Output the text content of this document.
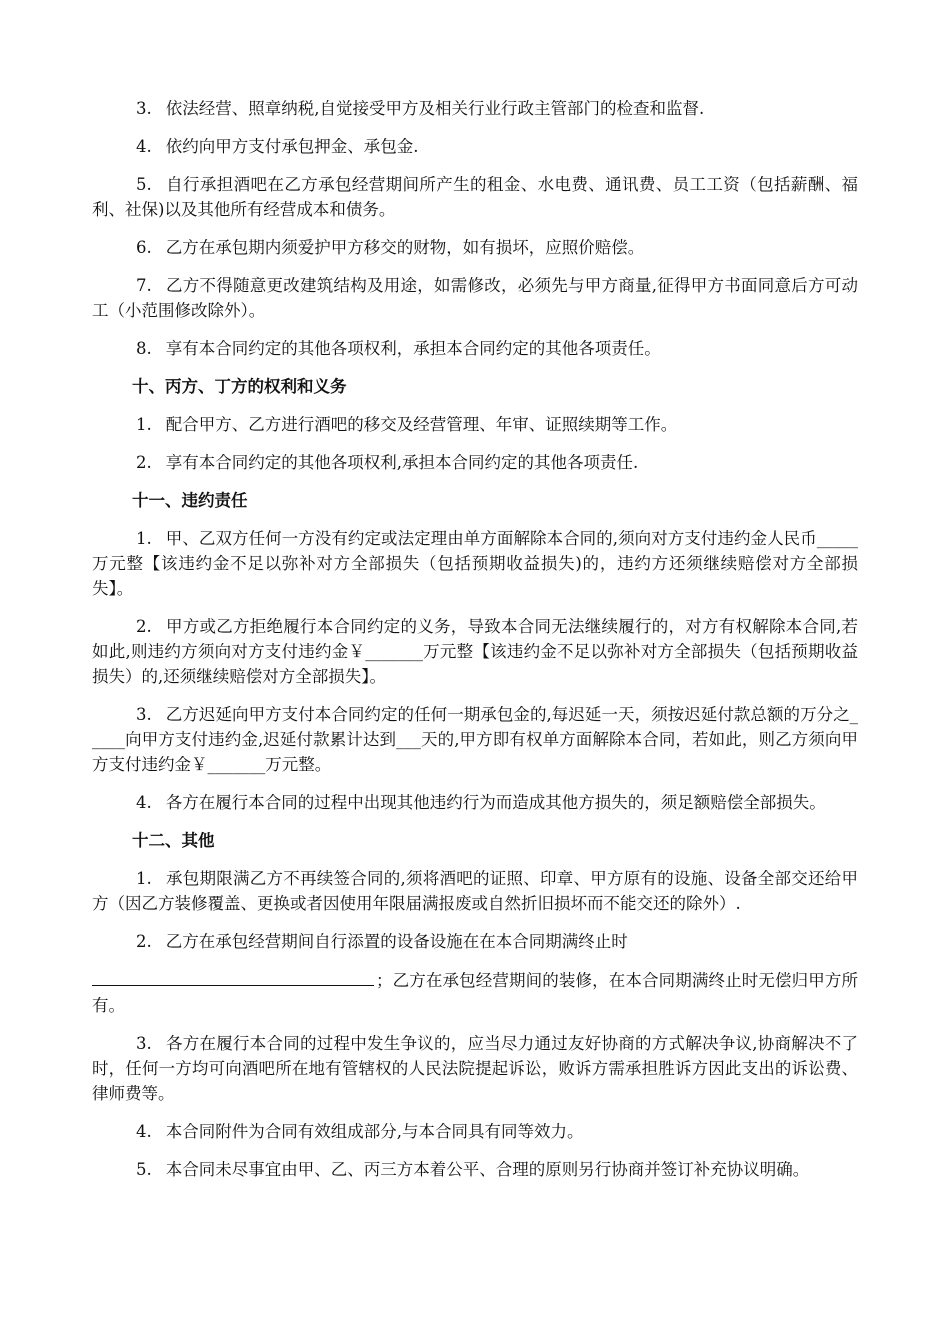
3. 依法经营、照章纳税,自觉接受甲方及相关行业行政主管部门的检查和监督.

4. 依约向甲方支付承包押金、承包金.

5. 自行承担酒吧在乙方承包经营期间所产生的租金、水电费、通讯费、员工工资（包括薪酬、福利、社保)以及其他所有经营成本和债务。

6. 乙方在承包期内须爱护甲方移交的财物，如有损坏，应照价赔偿。

7. 乙方不得随意更改建筑结构及用途，如需修改，必须先与甲方商量,征得甲方书面同意后方可动工（小范围修改除外）。

8. 享有本合同约定的其他各项权利，承担本合同约定的其他各项责任。

十、丙方、丁方的权利和义务

1. 配合甲方、乙方进行酒吧的移交及经营管理、年审、证照续期等工作。

2. 享有本合同约定的其他各项权利,承担本合同约定的其他各项责任.

十一、违约责任

1. 甲、乙双方任何一方没有约定或法定理由单方面解除本合同的,须向对方支付违约金人民币_____万元整【该违约金不足以弥补对方全部损失（包括预期收益损失)的，违约方还须继续赔偿对方全部损失】。

2. 甲方或乙方拒绝履行本合同约定的义务，导致本合同无法继续履行的，对方有权解除本合同,若如此,则违约方须向对方支付违约金￥_______万元整【该违约金不足以弥补对方全部损失（包括预期收益损失）的,还须继续赔偿对方全部损失】。

3. 乙方迟延向甲方支付本合同约定的任何一期承包金的,每迟延一天，须按迟延付款总额的万分之_____向甲方支付违约金,迟延付款累计达到___天的,甲方即有权单方面解除本合同，若如此，则乙方须向甲方支付违约金￥_______万元整。

4. 各方在履行本合同的过程中出现其他违约行为而造成其他方损失的，须足额赔偿全部损失。

十二、其他

1. 承包期限满乙方不再续签合同的,须将酒吧的证照、印章、甲方原有的设施、设备全部交还给甲方（因乙方装修覆盖、更换或者因使用年限届满报废或自然折旧损坏而不能交还的除外）.

2. 乙方在承包经营期间自行添置的设备设施在在本合同期满终止时

；乙方在承包经营期间的装修，在本合同期满终止时无偿归甲方所有。

3. 各方在履行本合同的过程中发生争议的，应当尽力通过友好协商的方式解决争议,协商解决不了时，任何一方均可向酒吧所在地有管辖权的人民法院提起诉讼，败诉方需承担胜诉方因此支出的诉讼费、律师费等。

4. 本合同附件为合同有效组成部分,与本合同具有同等效力。

5. 本合同未尽事宜由甲、乙、丙三方本着公平、合理的原则另行协商并签订补充协议明确。
